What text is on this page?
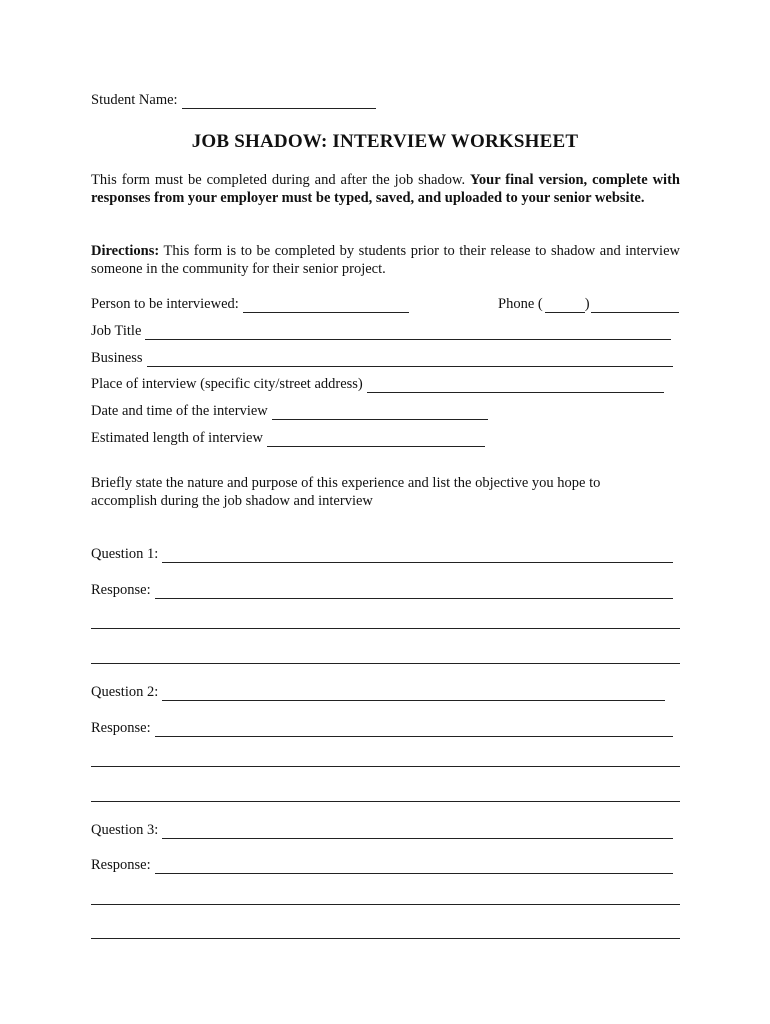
Student Name:
JOB SHADOW: INTERVIEW WORKSHEET
This form must be completed during and after the job shadow. Your final version, complete with responses from your employer must be typed, saved, and uploaded to your senior website.
Directions: This form is to be completed by students prior to their release to shadow and interview someone in the community for their senior project.
Person to be interviewed:	Phone (	)
Job Title
Business
Place of interview (specific city/street address)
Date and time of the interview
Estimated length of interview
Briefly state the nature and purpose of this experience and list the objective you hope to accomplish during the job shadow and interview
Question 1:
Response:
Question 2:
Response:
Question 3:
Response:
